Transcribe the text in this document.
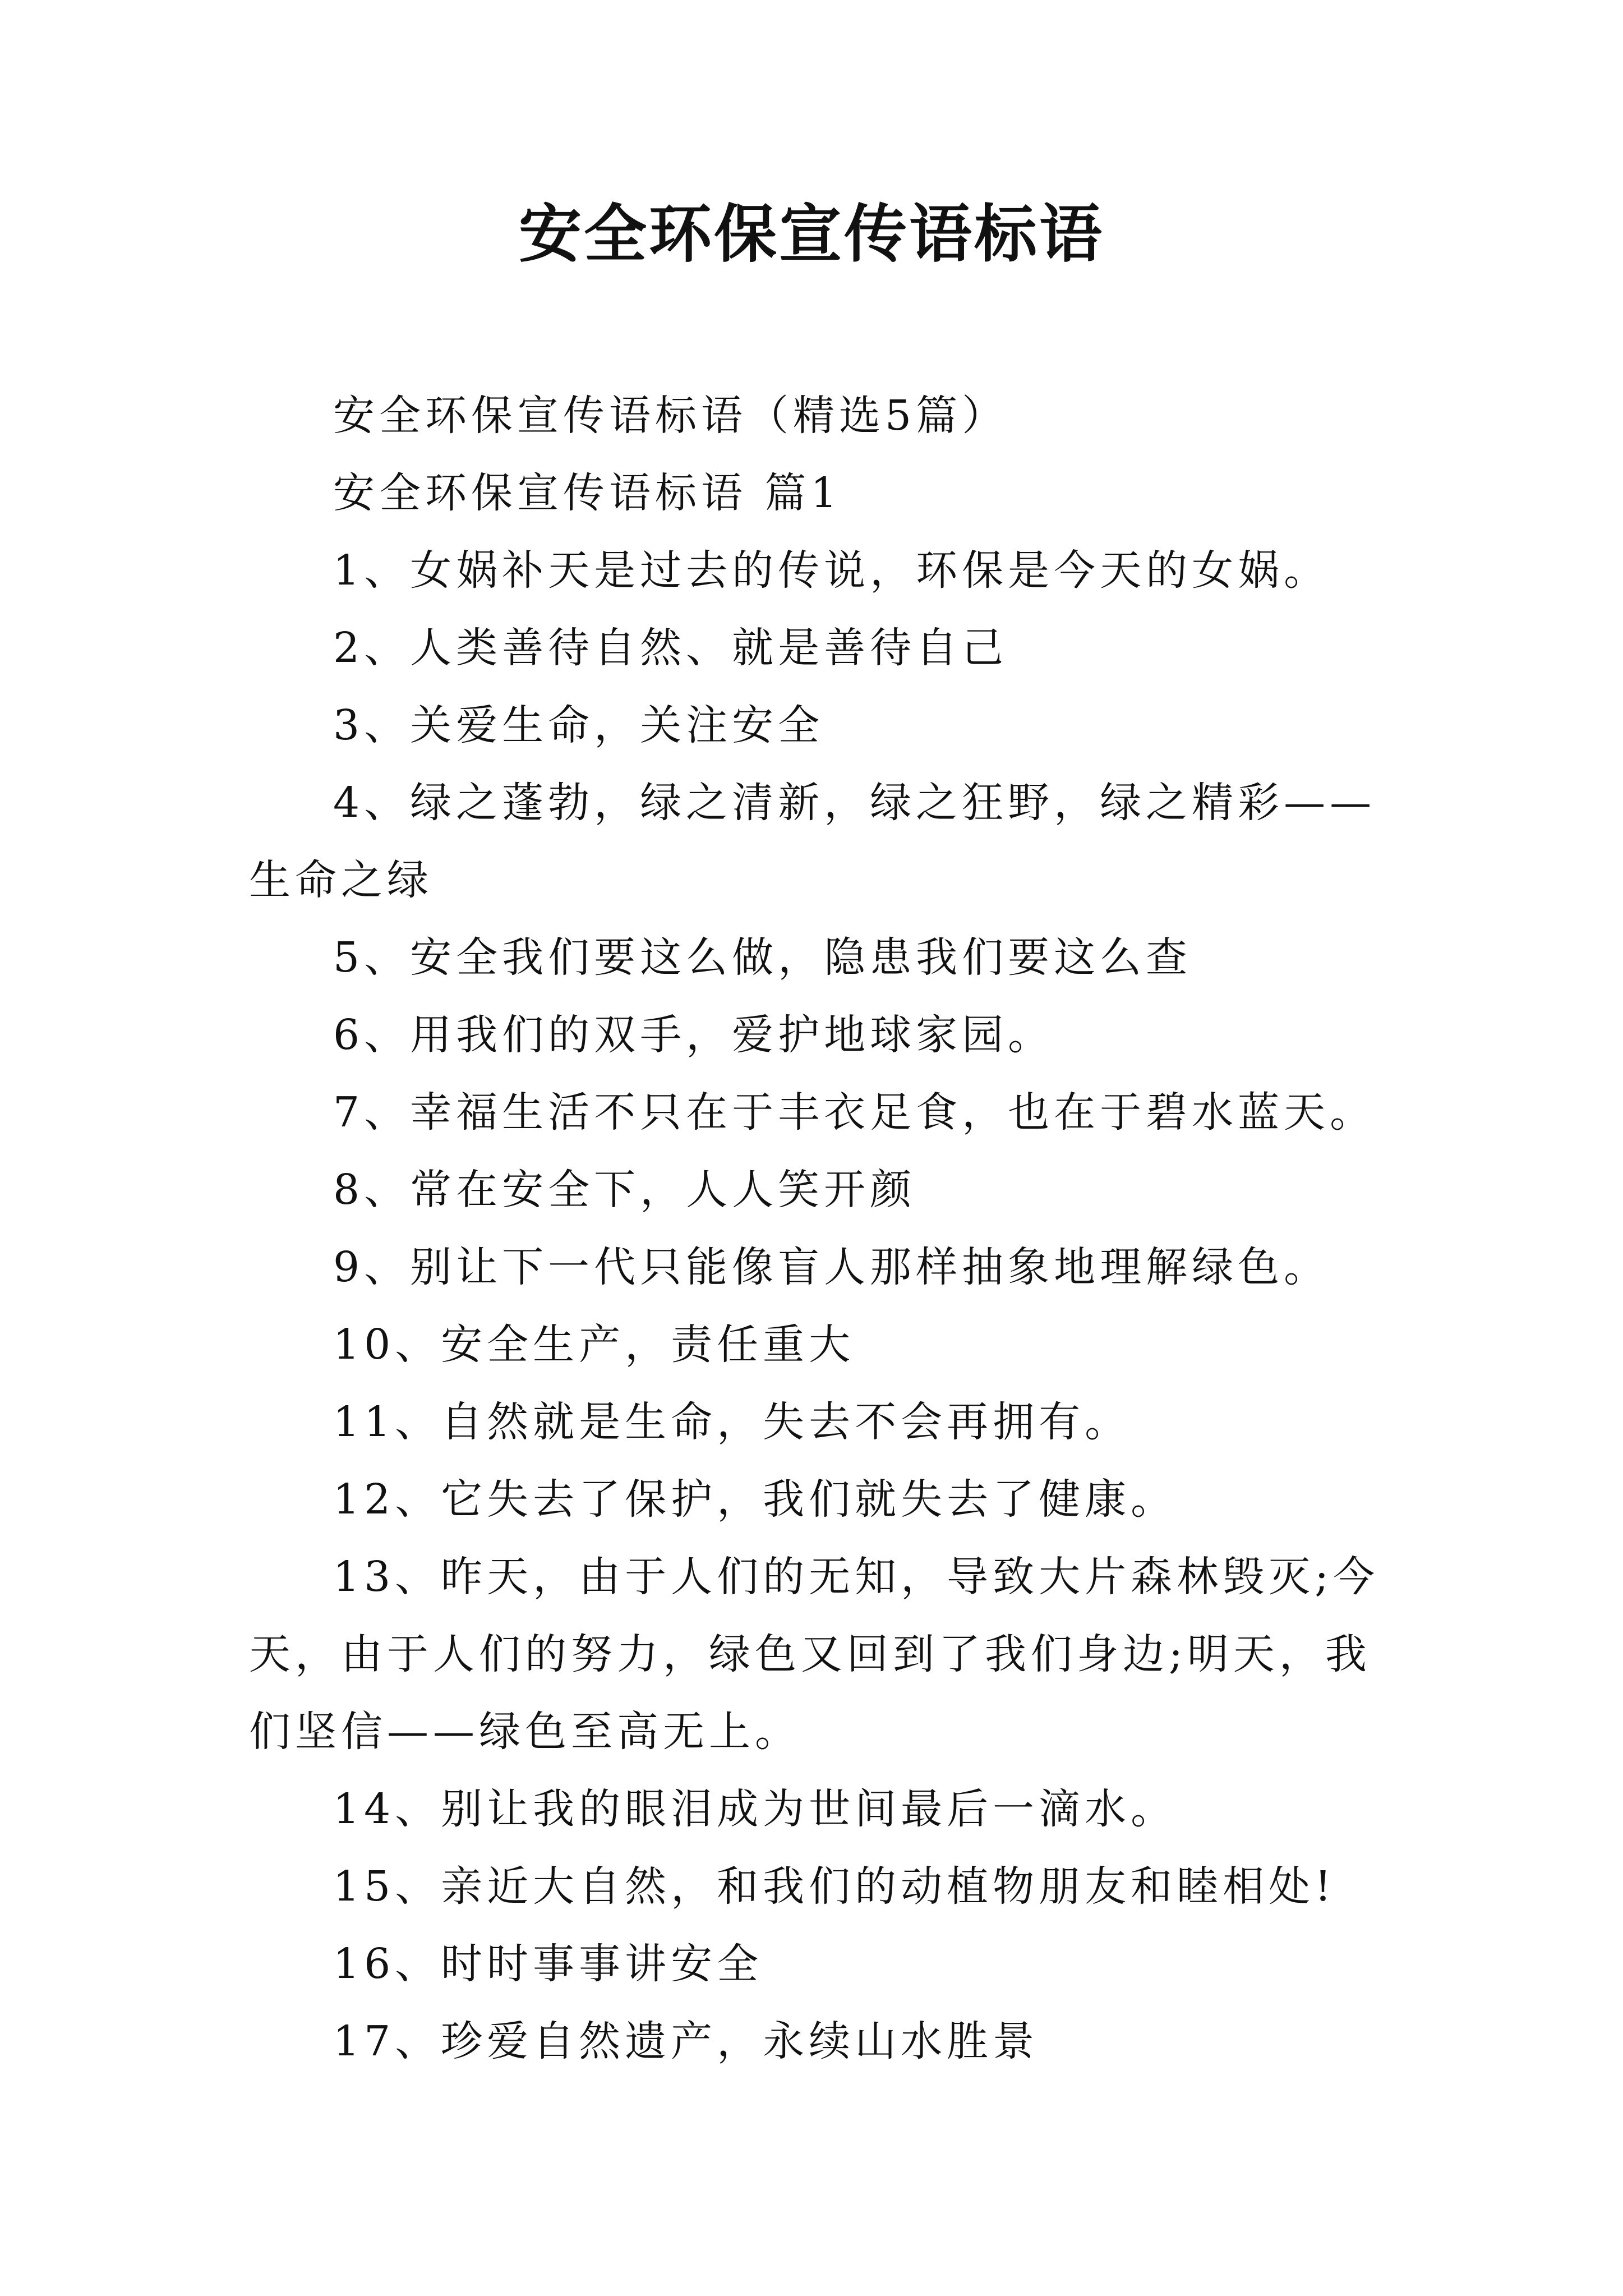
安全环保宣传语标语

安全环保宣传语标语（精选5篇）

安全环保宣传语标语 篇1

1、女娲补天是过去的传说，环保是今天的女娲。

2、人类善待自然、就是善待自己

3、关爱生命，关注安全

4、绿之蓬勃，绿之清新，绿之狂野，绿之精彩——生命之绿

5、安全我们要这么做，隐患我们要这么查

6、用我们的双手，爱护地球家园。

7、幸福生活不只在于丰衣足食，也在于碧水蓝天。

8、常在安全下，人人笑开颜

9、别让下一代只能像盲人那样抽象地理解绿色。

10、安全生产，责任重大

11、自然就是生命，失去不会再拥有。

12、它失去了保护，我们就失去了健康。

13、昨天，由于人们的无知，导致大片森林毁灭;今天，由于人们的努力，绿色又回到了我们身边;明天，我们坚信——绿色至高无上。

14、别让我的眼泪成为世间最后一滴水。

15、亲近大自然，和我们的动植物朋友和睦相处!

16、时时事事讲安全

17、珍爱自然遗产，永续山水胜景
